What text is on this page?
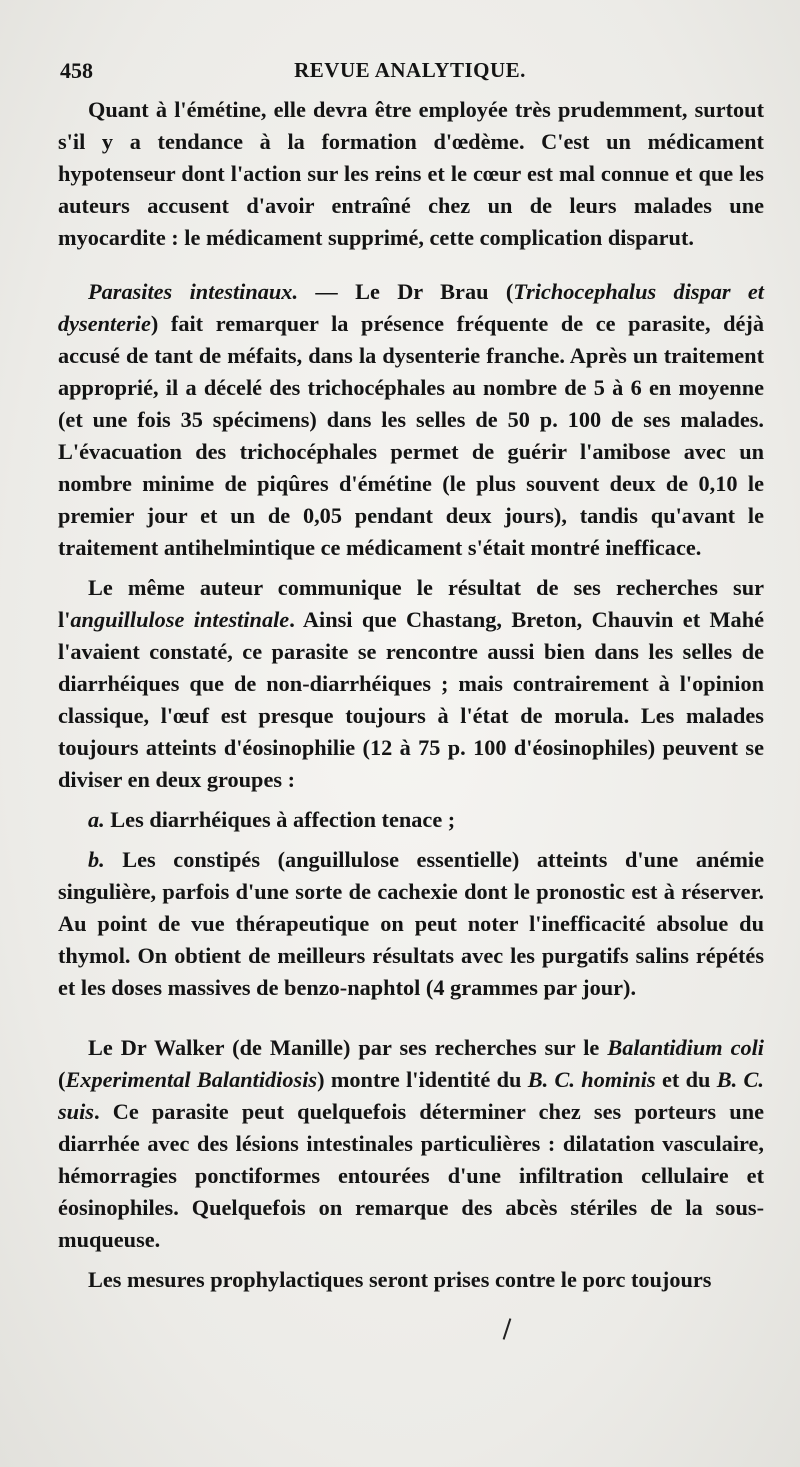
458	REVUE ANALYTIQUE.

Quant à l'émétine, elle devra être employée très prudemment, surtout s'il y a tendance à la formation d'œdème. C'est un médicament hypotenseur dont l'action sur les reins et le cœur est mal connue et que les auteurs accusent d'avoir entraîné chez un de leurs malades une myocardite : le médicament supprimé, cette complication disparut.

Parasites intestinaux. — Le Dr Brau (Trichocephalus dispar et dysenterie) fait remarquer la présence fréquente de ce parasite, déjà accusé de tant de méfaits, dans la dysenterie franche. Après un traitement approprié, il a décelé des trichocéphales au nombre de 5 à 6 en moyenne (et une fois 35 spécimens) dans les selles de 50 p. 100 de ses malades. L'évacuation des trichocéphales permet de guérir l'amibose avec un nombre minime de piqûres d'émétine (le plus souvent deux de 0,10 le premier jour et un de 0,05 pendant deux jours), tandis qu'avant le traitement antihelmintique ce médicament s'était montré inefficace.

Le même auteur communique le résultat de ses recherches sur l'anguillulose intestinale. Ainsi que Chastang, Breton, Chauvin et Mahé l'avaient constaté, ce parasite se rencontre aussi bien dans les selles de diarrhéiques que de non-diarrhéiques ; mais contrairement à l'opinion classique, l'œuf est presque toujours à l'état de morula. Les malades toujours atteints d'éosinophilie (12 à 75 p. 100 d'éosinophiles) peuvent se diviser en deux groupes :

a. Les diarrhéiques à affection tenace ;

b. Les constipés (anguillulose essentielle) atteints d'une anémie singulière, parfois d'une sorte de cachexie dont le pronostic est à réserver. Au point de vue thérapeutique on peut noter l'inefficacité absolue du thymol. On obtient de meilleurs résultats avec les purgatifs salins répétés et les doses massives de benzo-naphtol (4 grammes par jour).

Le Dr Walker (de Manille) par ses recherches sur le Balantidium coli (Experimental Balantidiosis) montre l'identité du B. C. hominis et du B. C. suis. Ce parasite peut quelquefois déterminer chez ses porteurs une diarrhée avec des lésions intestinales particulières : dilatation vasculaire, hémorragies ponctiformes entourées d'une infiltration cellulaire et éosinophiles. Quelquefois on remarque des abcès stériles de la sous-muqueuse.

Les mesures prophylactiques seront prises contre le porc toujours
